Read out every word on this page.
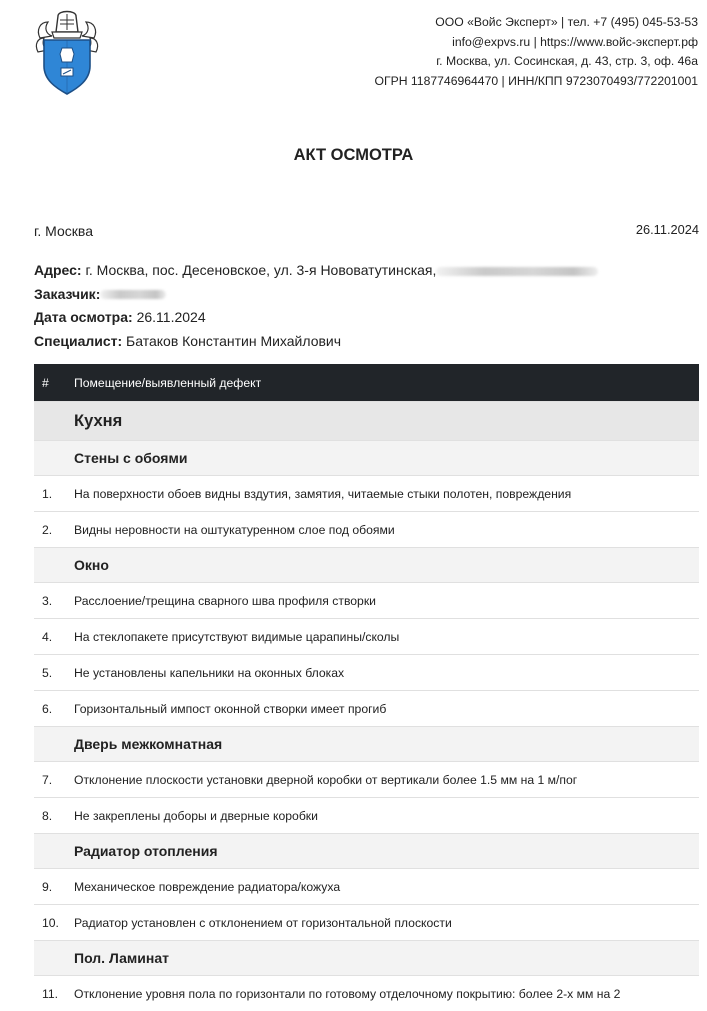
ООО «Войс Эксперт» | тел. +7 (495) 045-53-53
info@expvs.ru | https://www.войс-эксперт.рф
г. Москва, ул. Сосинская, д. 43, стр. 3, оф. 46а
ОГРН 1187746964470 | ИНН/КПП 9723070493/772201001
АКТ ОСМОТРА
г. Москва	26.11.2024
Адрес: г. Москва, пос. Десеновское, ул. 3-я Нововатутинская,
Заказчик:
Дата осмотра: 26.11.2024
Специалист: Батаков Константин Михайлович
#	Помещение/выявленный дефект
	Кухня
	Стены с обоями
1.	На поверхности обоев видны вздутия, замятия, читаемые стыки полотен, повреждения
2.	Видны неровности на оштукатуренном слое под обоями
	Окно
3.	Расслоение/трещина сварного шва профиля створки
4.	На стеклопакете присутствуют видимые царапины/сколы
5.	Не установлены капельники на оконных блоках
6.	Горизонтальный импост оконной створки имеет прогиб
	Дверь межкомнатная
7.	Отклонение плоскости установки дверной коробки от вертикали более 1.5 мм на 1 м/пог
8.	Не закреплены доборы и дверные коробки
	Радиатор отопления
9.	Механическое повреждение радиатора/кожуха
10.	Радиатор установлен с отклонением от горизонтальной плоскости
	Пол. Ламинат
11.	Отклонение уровня пола по горизонтали по готовому отделочному покрытию: более 2-х мм на 2
